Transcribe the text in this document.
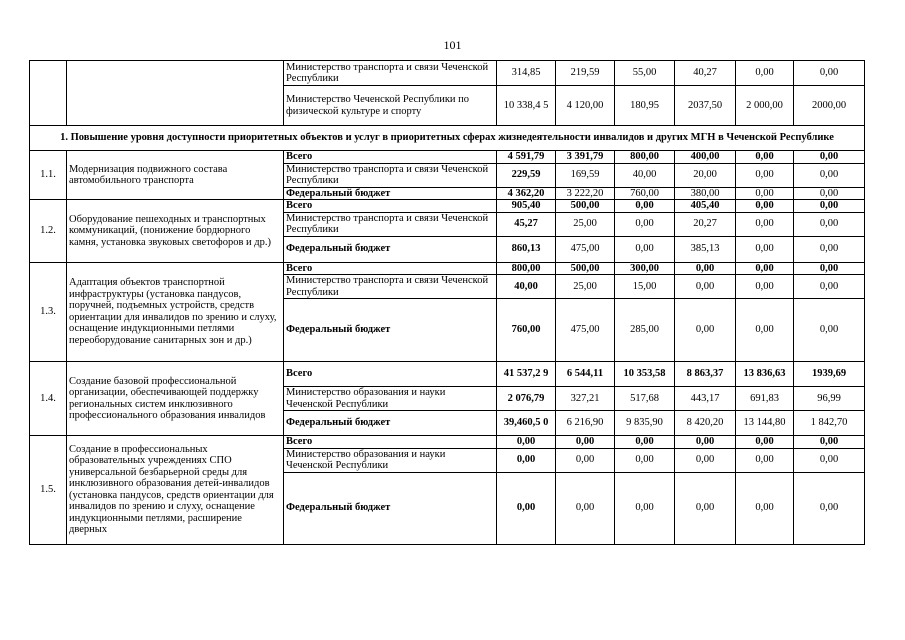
101
		Министерство транспорта и связи Чеченской Республики	314,85	219,59	55,00	40,27	0,00	0,00
		Министерство Чеченской Республики по физической культуре и спорту	10 338,4 5	4 120,00	180,95	2037,50	2 000,00	2000,00
1. Повышение уровня доступности приоритетных объектов и услуг в приоритетных сферах жизнедеятельности инвалидов и других МГН в Чеченской Республике								
1.1.	Модернизация подвижного состава автомобильного транспорта	Всего	4 591,79	3 391,79	800,00	400,00	0,00	0,00
		Министерство транспорта и связи Чеченской Республики	229,59	169,59	40,00	20,00	0,00	0,00
		Федеральный бюджет	4 362,20	3 222,20	760,00	380,00	0,00	0,00
1.2.	Оборудование пешеходных и транспортных коммуникаций, (понижение бордюрного камня, установка звуковых светофоров и др.)	Всего	905,40	500,00	0,00	405,40	0,00	0,00
		Министерство транспорта и связи Чеченской Республики	45,27	25,00	0,00	20,27	0,00	0,00
		Федеральный бюджет	860,13	475,00	0,00	385,13	0,00	0,00
1.3.	Адаптация объектов транспортной инфраструктуры (установка пандусов, поручней, подъемных устройств, средств ориентации для инвалидов по зрению и слуху, оснащение индукционными петлями переоборудование санитарных зон и др.)	Всего	800,00	500,00	300,00	0,00	0,00	0,00
		Министерство транспорта и связи Чеченской Республики	40,00	25,00	15,00	0,00	0,00	0,00
		Федеральный бюджет	760,00	475,00	285,00	0,00	0,00	0,00
1.4.	Создание базовой профессиональной организации, обеспечивающей поддержку региональных систем инклюзивного профессионального образования инвалидов	Всего	41 537,2 9	6 544,11	10 353,58	8 863,37	13 836,63	1939,69
		Министерство образования и науки Чеченской Республики	2 076,79	327,21	517,68	443,17	691,83	96,99
		Федеральный бюджет	39,460,5 0	6 216,90	9 835,90	8 420,20	13 144,80	1 842,70
1.5.	Создание в профессиональных образовательных учреждениях СПО универсальной безбарьерной среды для инклюзивного образования детей-инвалидов (установка пандусов, средств ориентации для инвалидов по зрению и слуху, оснащение индукционными петлями, расширение дверных	Всего	0,00	0,00	0,00	0,00	0,00	0,00
		Министерство образования и науки Чеченской Республики	0,00	0,00	0,00	0,00	0,00	0,00
		Федеральный бюджет	0,00	0,00	0,00	0,00	0,00	0,00
